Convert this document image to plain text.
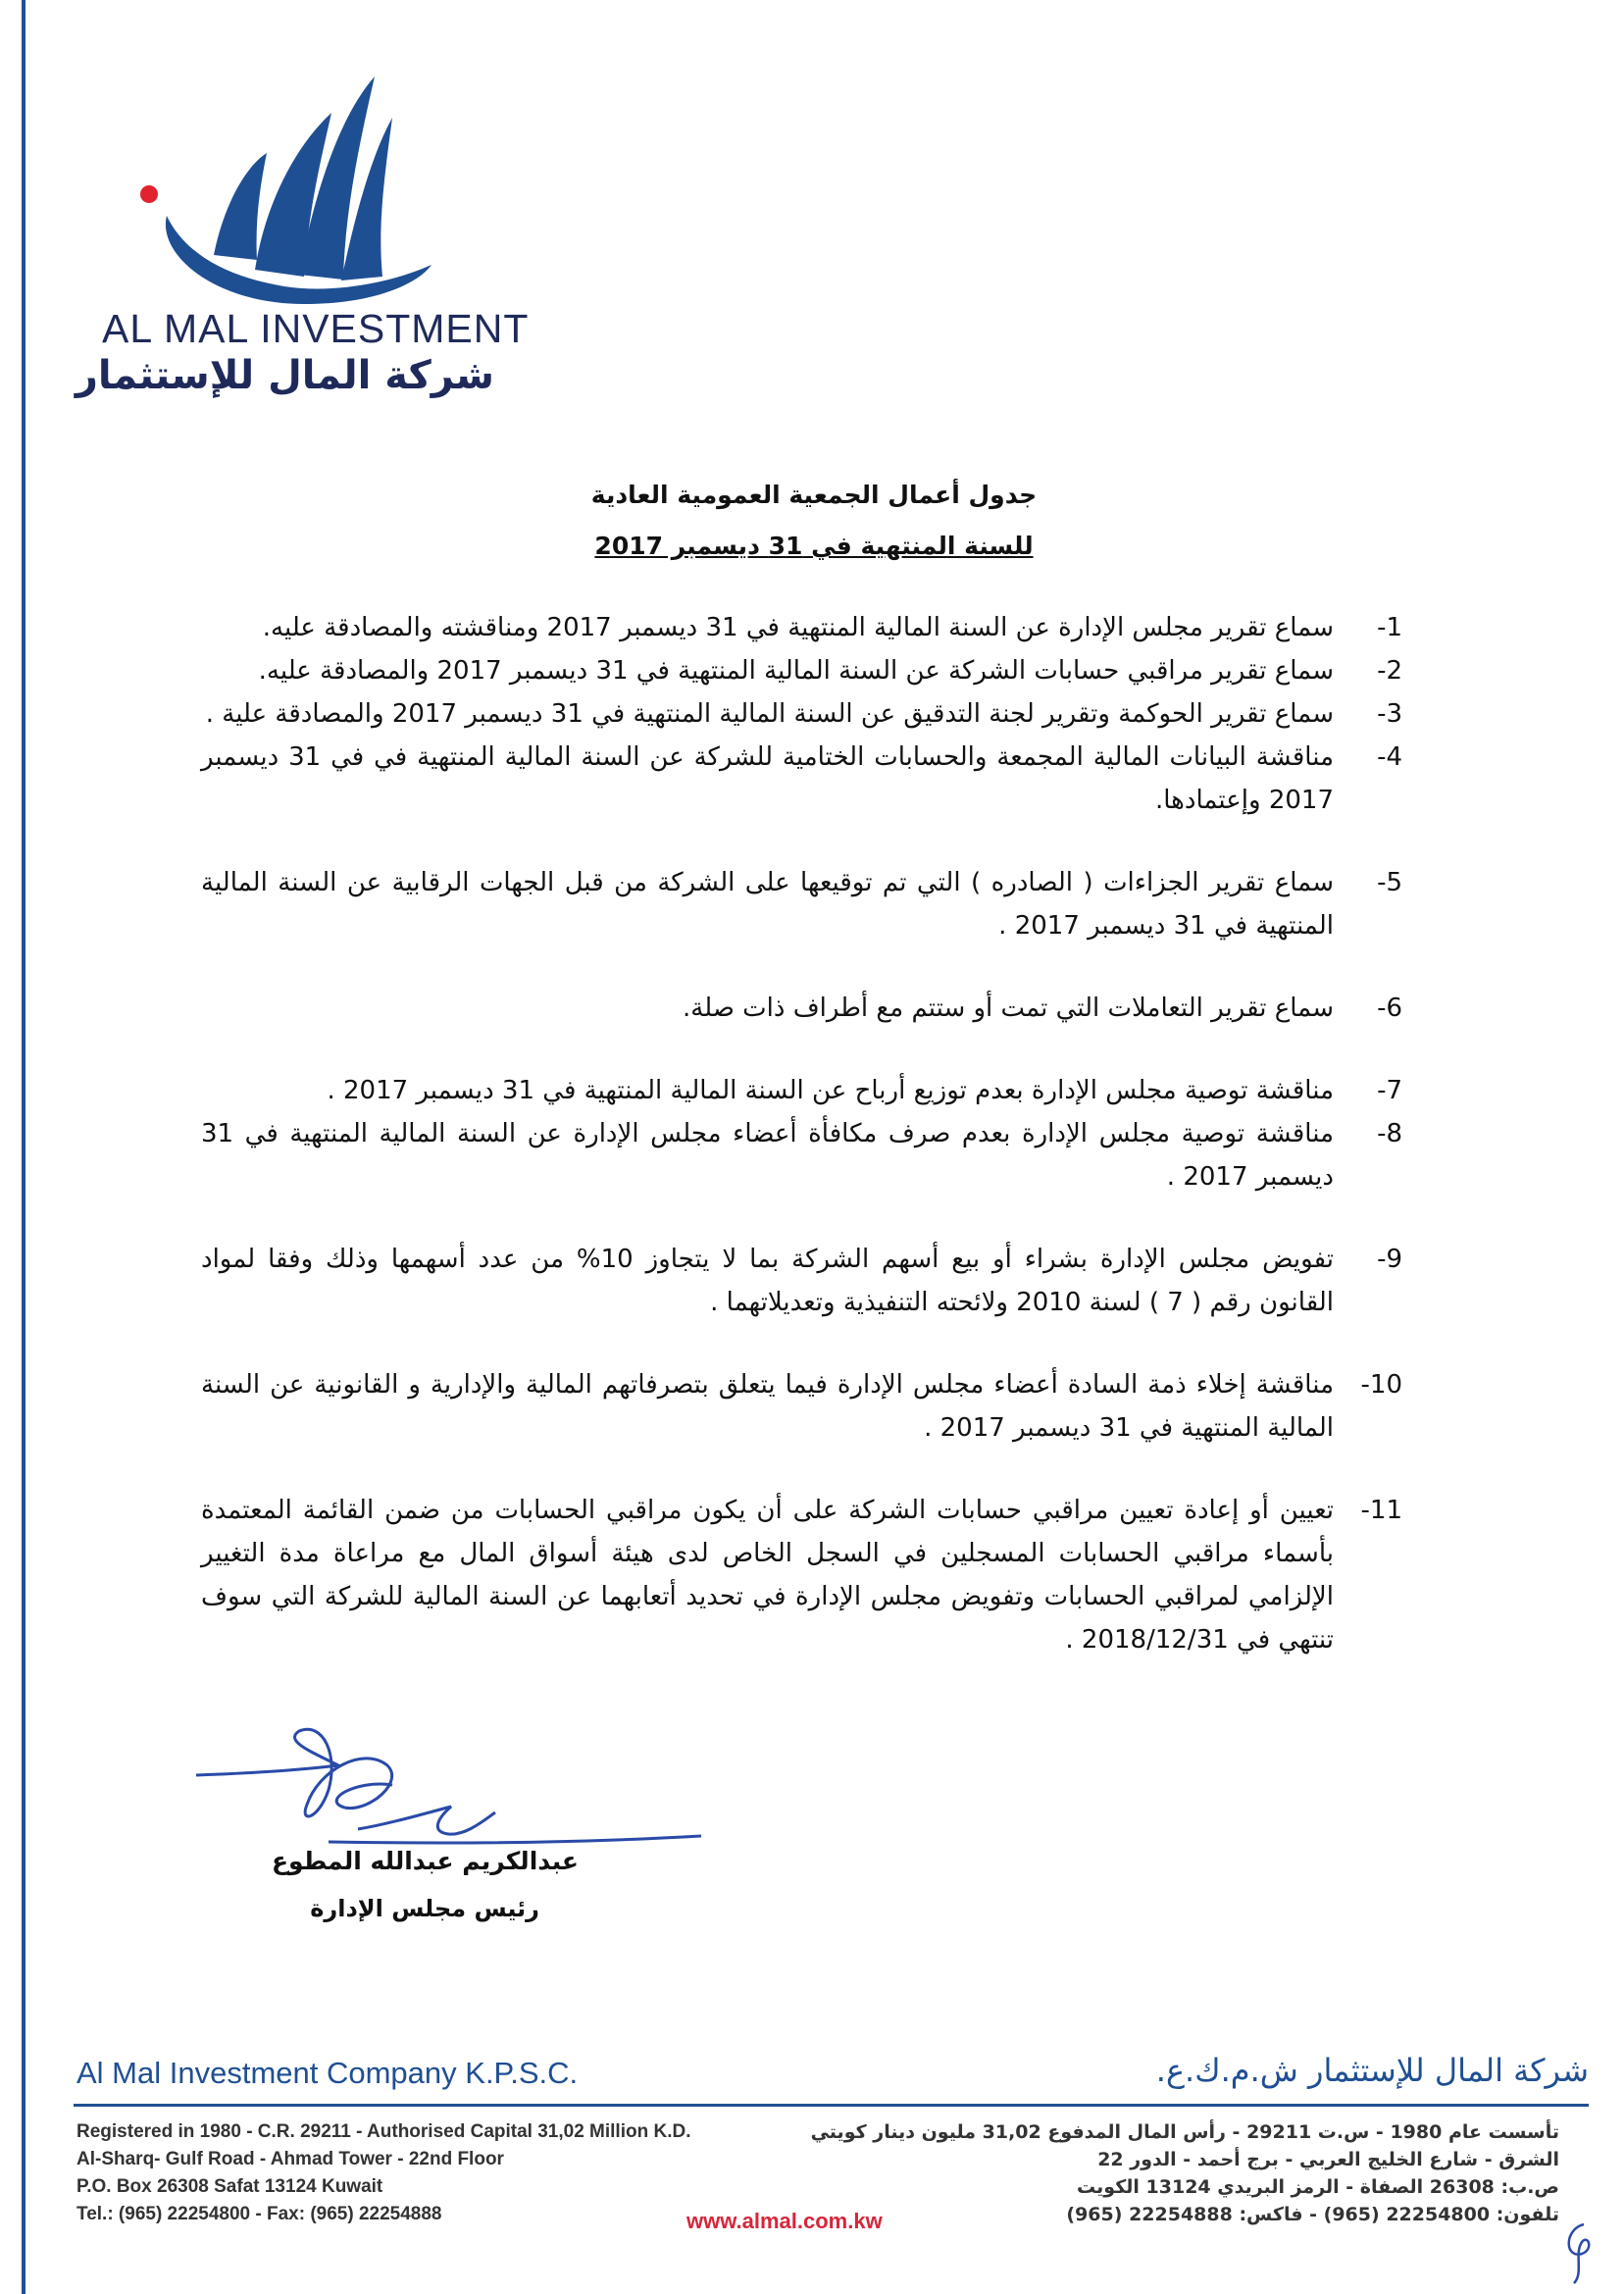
AL MAL INVESTMENT
شركة المال للإستثمار
جدول أعمال الجمعية العمومية العادية
للسنة المنتهية في 31 ديسمبر 2017
-1
سماع تقرير مجلس الإدارة عن السنة المالية المنتهية في 31 ديسمبر 2017 ومناقشته والمصادقة عليه.
-2
سماع تقرير مراقبي حسابات الشركة عن السنة المالية المنتهية في 31 ديسمبر 2017 والمصادقة عليه.
-3
سماع تقرير الحوكمة وتقرير لجنة التدقيق عن السنة المالية المنتهية في 31 ديسمبر 2017 والمصادقة علية .
-4
مناقشة البيانات المالية المجمعة والحسابات الختامية للشركة عن السنة المالية المنتهية في في 31 ديسمبر 2017 وإعتمادها.
-5
سماع تقرير الجزاءات ( الصادره ) التي تم توقيعها على الشركة من قبل الجهات الرقابية عن السنة المالية المنتهية في 31 ديسمبر 2017 .
-6
سماع تقرير التعاملات التي تمت أو ستتم مع أطراف ذات صلة.
-7
مناقشة توصية مجلس الإدارة بعدم توزيع أرباح عن السنة المالية المنتهية في 31 ديسمبر 2017 .
-8
مناقشة توصية مجلس الإدارة بعدم صرف مكافأة أعضاء مجلس الإدارة عن السنة المالية المنتهية في 31 ديسمبر 2017 .
-9
تفويض مجلس الإدارة بشراء أو بيع أسهم الشركة بما لا يتجاوز 10% من عدد أسهمها وذلك وفقا لمواد القانون رقم ( 7 ) لسنة 2010 ولائحته التنفيذية وتعديلاتهما .
-10
مناقشة إخلاء ذمة السادة أعضاء مجلس الإدارة فيما يتعلق بتصرفاتهم المالية والإدارية و القانونية عن السنة المالية المنتهية في 31 ديسمبر 2017 .
-11
تعيين أو إعادة تعيين مراقبي حسابات الشركة على أن يكون مراقبي الحسابات من ضمن القائمة المعتمدة بأسماء مراقبي الحسابات المسجلين في السجل الخاص لدى هيئة أسواق المال مع مراعاة مدة التغيير الإلزامي لمراقبي الحسابات وتفويض مجلس الإدارة في تحديد أتعابهما عن السنة المالية للشركة التي سوف تنتهي في 2018/12/31 .
عبدالكريم عبدالله المطوع
رئيس مجلس الإدارة
Al Mal Investment Company K.P.S.C.	شركة المال للإستثمار ش.م.ك.ع.
Registered in 1980 - C.R. 29211 - Authorised Capital 31,02 Million K.D.
Al-Sharq- Gulf Road - Ahmad Tower - 22nd Floor
P.O. Box 26308 Safat 13124 Kuwait
Tel.: (965) 22254800 - Fax: (965) 22254888
تأسست عام 1980 - س.ت 29211 - رأس المال المدفوع 31,02 مليون دينار كويتي
الشرق - شارع الخليج العربي - برج أحمد - الدور 22
ص.ب: 26308 الصفاة - الرمز البريدي 13124 الكويت
تلفون: 22254800 (965) - فاكس: 22254888 (965)
www.almal.com.kw
